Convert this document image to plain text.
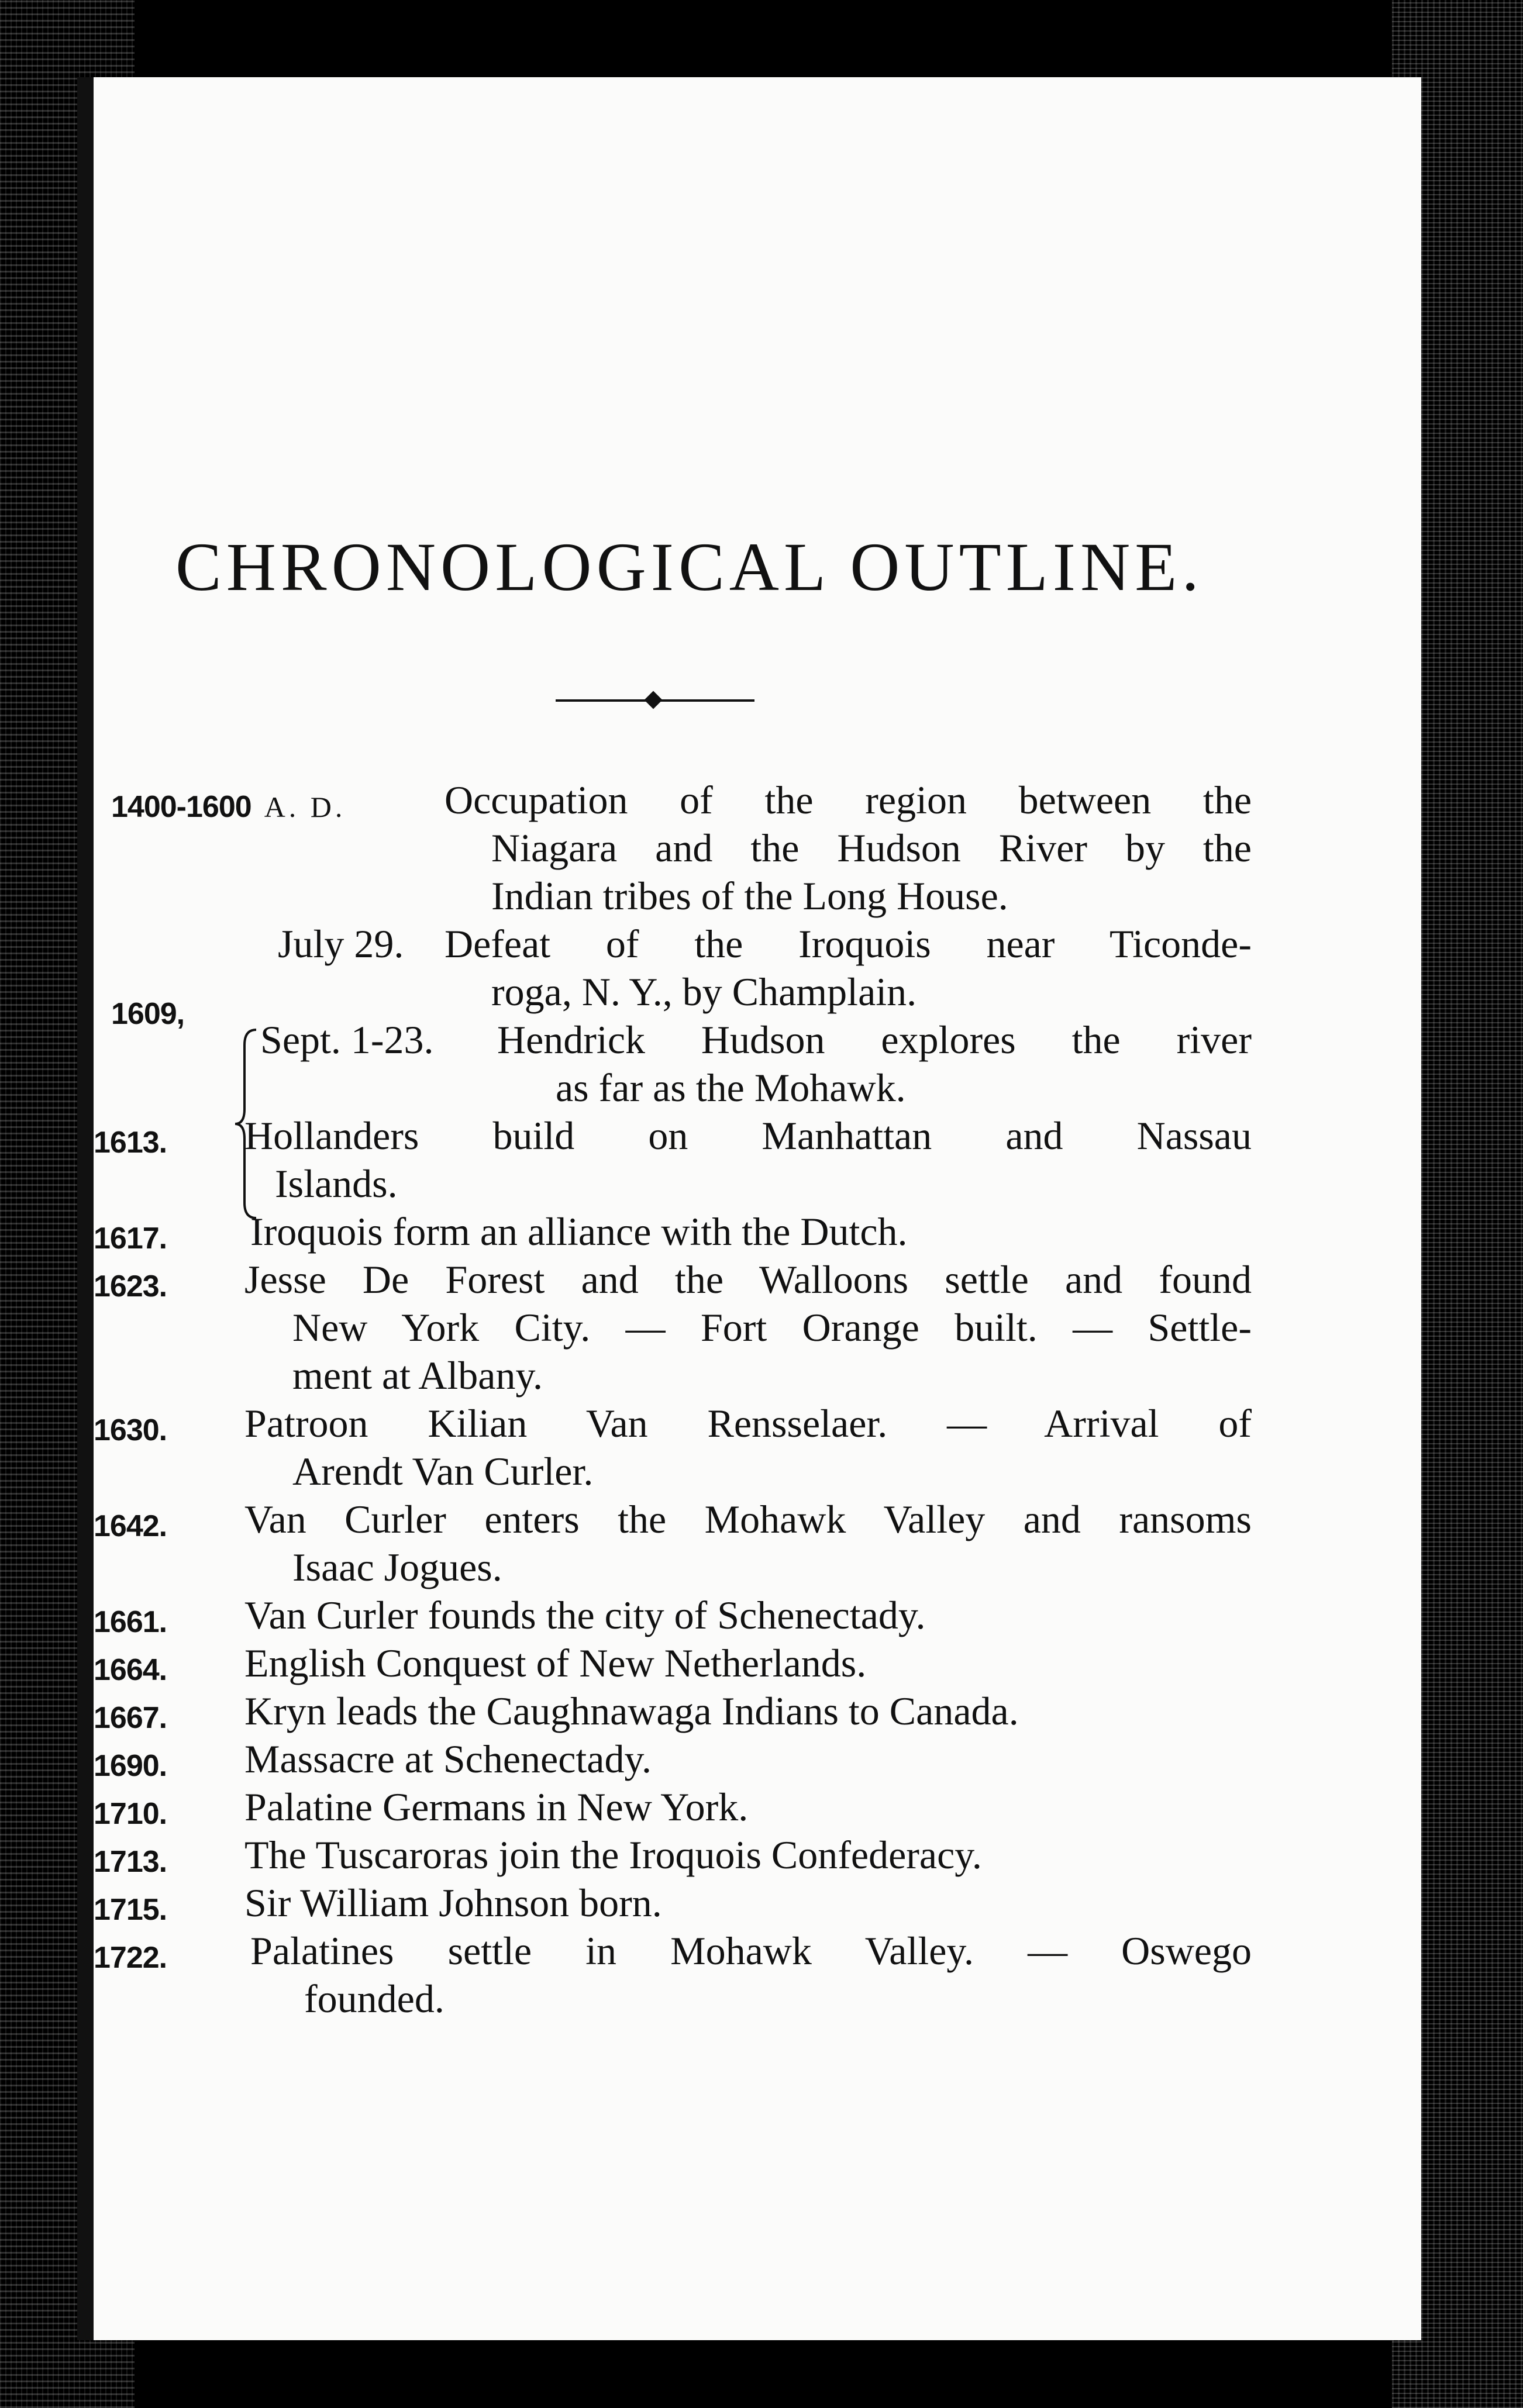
CHRONOLOGICAL OUTLINE.
1400-1600 A. D. Occupation of the region between the
Niagara and the Hudson River by the
Indian tribes of the Long House.
1609,
July 29. Defeat of the Iroquois near Ticonde-
roga, N. Y., by Champlain.
Sept. 1-23. Hendrick Hudson explores the river
as far as the Mohawk.
1613. Hollanders build on Manhattan and Nassau
Islands.
1617. Iroquois form an alliance with the Dutch.
1623. Jesse De Forest and the Walloons settle and found
New York City. — Fort Orange built. — Settle-
ment at Albany.
1630. Patroon Kilian Van Rensselaer. — Arrival of
Arendt Van Curler.
1642. Van Curler enters the Mohawk Valley and ransoms
Isaac Jogues.
1661. Van Curler founds the city of Schenectady.
1664. English Conquest of New Netherlands.
1667. Kryn leads the Caughnawaga Indians to Canada.
1690. Massacre at Schenectady.
1710. Palatine Germans in New York.
1713. The Tuscaroras join the Iroquois Confederacy.
1715. Sir William Johnson born.
1722. Palatines settle in Mohawk Valley. — Oswego
founded.
